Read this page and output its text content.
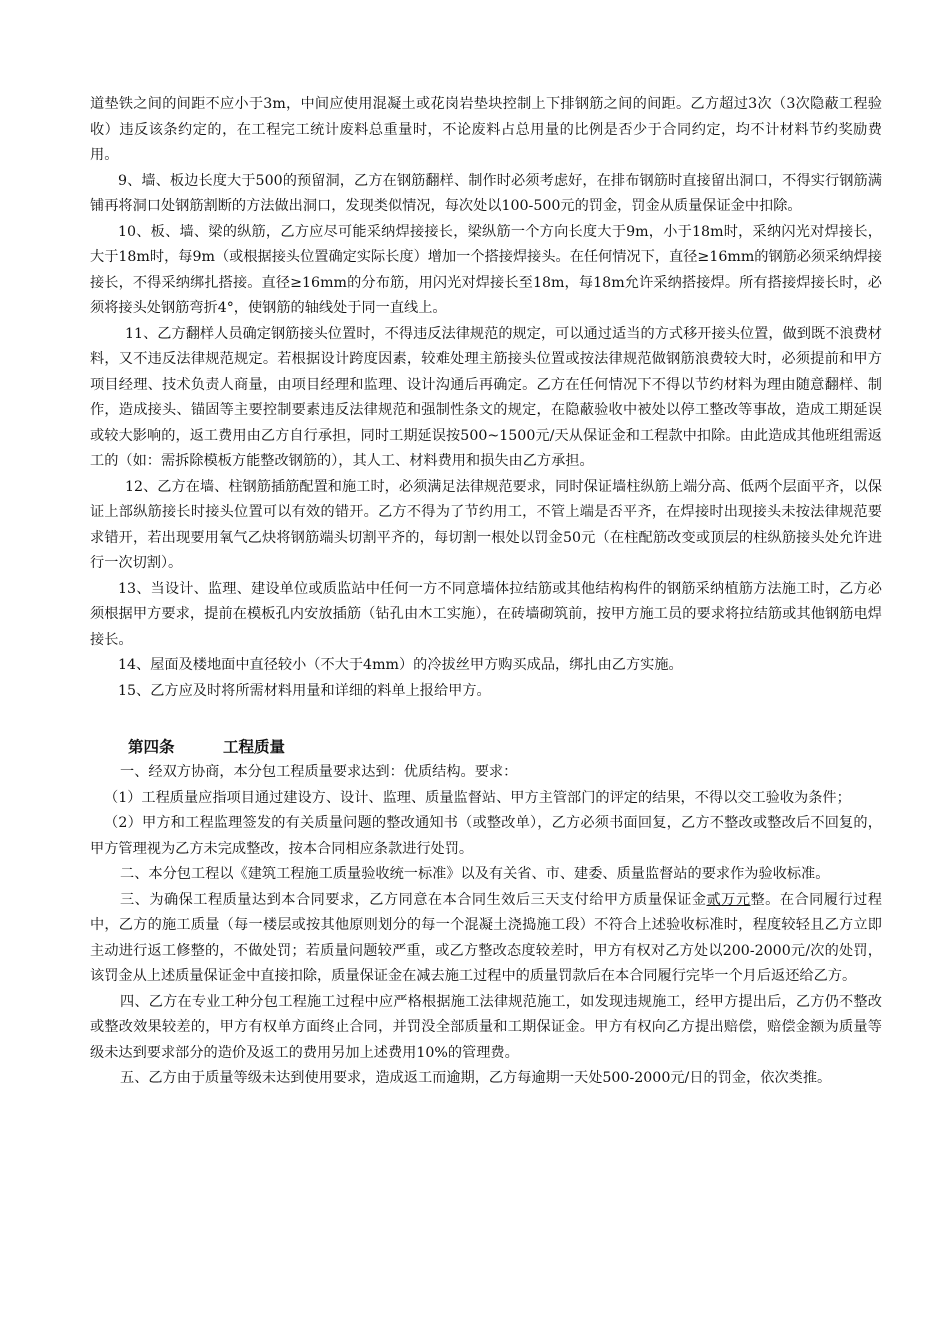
道垫铁之间的间距不应小于3m，中间应使用混凝土或花岗岩垫块控制上下排钢筋之间的间距。乙方超过3次（3次隐蔽工程验收）违反该条约定的，在工程完工统计废料总重量时，不论废料占总用量的比例是否少于合同约定，均不计材料节约奖励费用。

9、墙、板边长度大于500的预留洞，乙方在钢筋翻样、制作时必须考虑好，在排布钢筋时直接留出洞口，不得实行钢筋满铺再将洞口处钢筋割断的方法做出洞口，发现类似情况，每次处以100-500元的罚金，罚金从质量保证金中扣除。

10、板、墙、梁的纵筋，乙方应尽可能采纳焊接接长，梁纵筋一个方向长度大于9m，小于18m时，采纳闪光对焊接长，大于18m时，每9m（或根据接头位置确定实际长度）增加一个搭接焊接头。在任何情况下，直径≥16mm的钢筋必须采纳焊接接长，不得采纳绑扎搭接。直径≥16mm的分布筋，用闪光对焊接长至18m，每18m允许采纳搭接焊。所有搭接焊接长时，必须将接头处钢筋弯折4°，使钢筋的轴线处于同一直线上。

11、乙方翻样人员确定钢筋接头位置时，不得违反法律规范的规定，可以通过适当的方式移开接头位置，做到既不浪费材料，又不违反法律规范规定。若根据设计跨度因素，较难处理主筋接头位置或按法律规范做钢筋浪费较大时，必须提前和甲方项目经理、技术负责人商量，由项目经理和监理、设计沟通后再确定。乙方在任何情况下不得以节约材料为理由随意翻样、制作，造成接头、锚固等主要控制要素违反法律规范和强制性条文的规定，在隐蔽验收中被处以停工整改等事故，造成工期延误或较大影响的，返工费用由乙方自行承担，同时工期延误按500~1500元/天从保证金和工程款中扣除。由此造成其他班组需返工的（如：需拆除模板方能整改钢筋的），其人工、材料费用和损失由乙方承担。

12、乙方在墙、柱钢筋插筋配置和施工时，必须满足法律规范要求，同时保证墙柱纵筋上端分高、低两个层面平齐，以保证上部纵筋接长时接头位置可以有效的错开。乙方不得为了节约用工，不管上端是否平齐，在焊接时出现接头未按法律规范要求错开，若出现要用氧气乙炔将钢筋端头切割平齐的，每切割一根处以罚金50元（在柱配筋改变或顶层的柱纵筋接头处允许进行一次切割）。

13、当设计、监理、建设单位或质监站中任何一方不同意墙体拉结筋或其他结构构件的钢筋采纳植筋方法施工时，乙方必须根据甲方要求，提前在模板孔内安放插筋（钻孔由木工实施），在砖墙砌筑前，按甲方施工员的要求将拉结筋或其他钢筋电焊接长。

14、屋面及楼地面中直径较小（不大于4mm）的冷拔丝甲方购买成品，绑扎由乙方实施。

15、乙方应及时将所需材料用量和详细的料单上报给甲方。

第四条	工程质量

一、经双方协商，本分包工程质量要求达到：优质结构。要求：

（1）工程质量应指项目通过建设方、设计、监理、质量监督站、甲方主管部门的评定的结果，不得以交工验收为条件；

（2）甲方和工程监理签发的有关质量问题的整改通知书（或整改单），乙方必须书面回复，乙方不整改或整改后不回复的，甲方管理视为乙方未完成整改，按本合同相应条款进行处罚。

二、本分包工程以《建筑工程施工质量验收统一标准》以及有关省、市、建委、质量监督站的要求作为验收标准。

三、为确保工程质量达到本合同要求，乙方同意在本合同生效后三天支付给甲方质量保证金贰万元整。在合同履行过程中，乙方的施工质量（每一楼层或按其他原则划分的每一个混凝土浇捣施工段）不符合上述验收标准时，程度较轻且乙方立即主动进行返工修整的，不做处罚；若质量问题较严重，或乙方整改态度较差时，甲方有权对乙方处以200-2000元/次的处罚，该罚金从上述质量保证金中直接扣除，质量保证金在减去施工过程中的质量罚款后在本合同履行完毕一个月后返还给乙方。

四、乙方在专业工种分包工程施工过程中应严格根据施工法律规范施工，如发现违规施工，经甲方提出后，乙方仍不整改或整改效果较差的，甲方有权单方面终止合同，并罚没全部质量和工期保证金。甲方有权向乙方提出赔偿，赔偿金额为质量等级未达到要求部分的造价及返工的费用另加上述费用10%的管理费。

五、乙方由于质量等级未达到使用要求，造成返工而逾期，乙方每逾期一天处500-2000元/日的罚金，依次类推。
